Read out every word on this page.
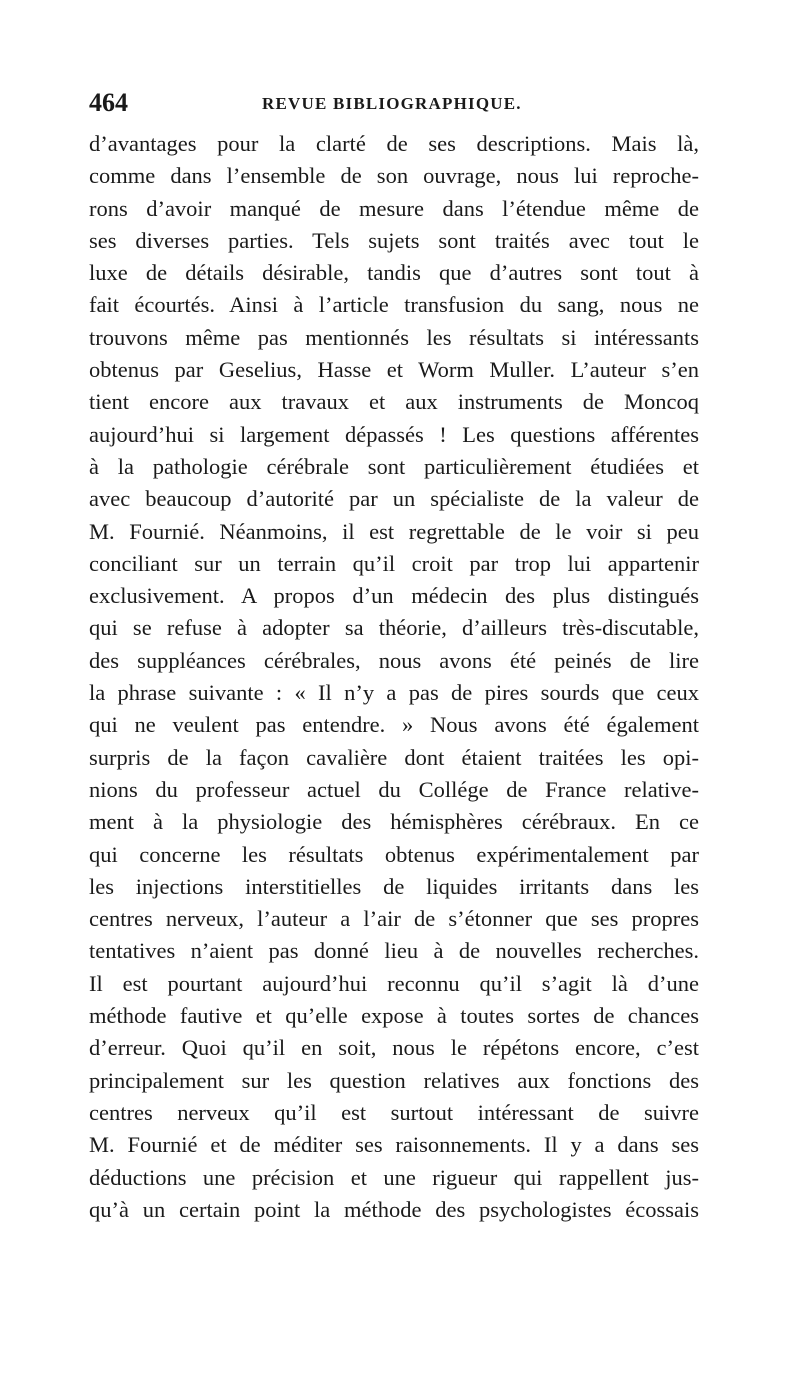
464	REVUE BIBLIOGRAPHIQUE.
d’avantages pour la clarté de ses descriptions. Mais là,
comme dans l’ensemble de son ouvrage, nous lui reproche-
rons d’avoir manqué de mesure dans l’étendue même de
ses diverses parties. Tels sujets sont traités avec tout le
luxe de détails désirable, tandis que d’autres sont tout à
fait écourtés. Ainsi à l’article transfusion du sang, nous ne
trouvons même pas mentionnés les résultats si intéressants
obtenus par Geselius, Hasse et Worm Muller. L’auteur s’en
tient encore aux travaux et aux instruments de Moncoq
aujourd’hui si largement dépassés ! Les questions afférentes
à la pathologie cérébrale sont particulièrement étudiées et
avec beaucoup d’autorité par un spécialiste de la valeur de
M. Fournié. Néanmoins, il est regrettable de le voir si peu
conciliant sur un terrain qu’il croit par trop lui appartenir
exclusivement. A propos d’un médecin des plus distingués
qui se refuse à adopter sa théorie, d’ailleurs très-discutable,
des suppléances cérébrales, nous avons été peinés de lire
la phrase suivante : « Il n’y a pas de pires sourds que ceux
qui ne veulent pas entendre. » Nous avons été également
surpris de la façon cavalière dont étaient traitées les opi-
nions du professeur actuel du Collége de France relative-
ment à la physiologie des hémisphères cérébraux. En ce
qui concerne les résultats obtenus expérimentalement par
les injections interstitielles de liquides irritants dans les
centres nerveux, l’auteur a l’air de s’étonner que ses propres
tentatives n’aient pas donné lieu à de nouvelles recherches.
Il est pourtant aujourd’hui reconnu qu’il s’agit là d’une
méthode fautive et qu’elle expose à toutes sortes de chances
d’erreur. Quoi qu’il en soit, nous le répétons encore, c’est
principalement sur les question relatives aux fonctions des
centres nerveux qu’il est surtout intéressant de suivre
M. Fournié et de méditer ses raisonnements. Il y a dans ses
déductions une précision et une rigueur qui rappellent jus-
qu’à un certain point la méthode des psychologistes écossais
